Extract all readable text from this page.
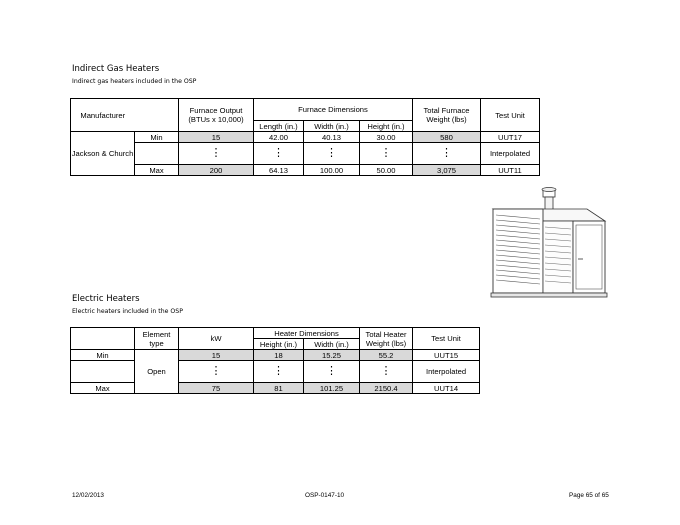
Indirect Gas Heaters
Indirect gas heaters included in the OSP
Manufacturer		Furnace Output (BTUs x 10,000)	Furnace Dimensions			Total Furnace Weight (lbs)	Test Unit
			Length (in.)	Width (in.)	Height (in.)		
Jackson & Church	Min	15	42.00	40.13	30.00	580	UUT17
		⋮	⋮	⋮	⋮	⋮	Interpolated
	Max	200	64.13	100.00	50.00	3,075	UUT11
Electric Heaters
Electric heaters included in the OSP
	Element type	kW	Heater Dimensions		Total Heater Weight (lbs)	Test Unit
			Height (in.)	Width (in.)		
Min	Open	15	18	15.25	55.2	UUT15
		⋮	⋮	⋮	⋮	Interpolated
Max		75	81	101.25	2150.4	UUT14
12/02/2013	OSP-0147-10	Page 65 of 65
